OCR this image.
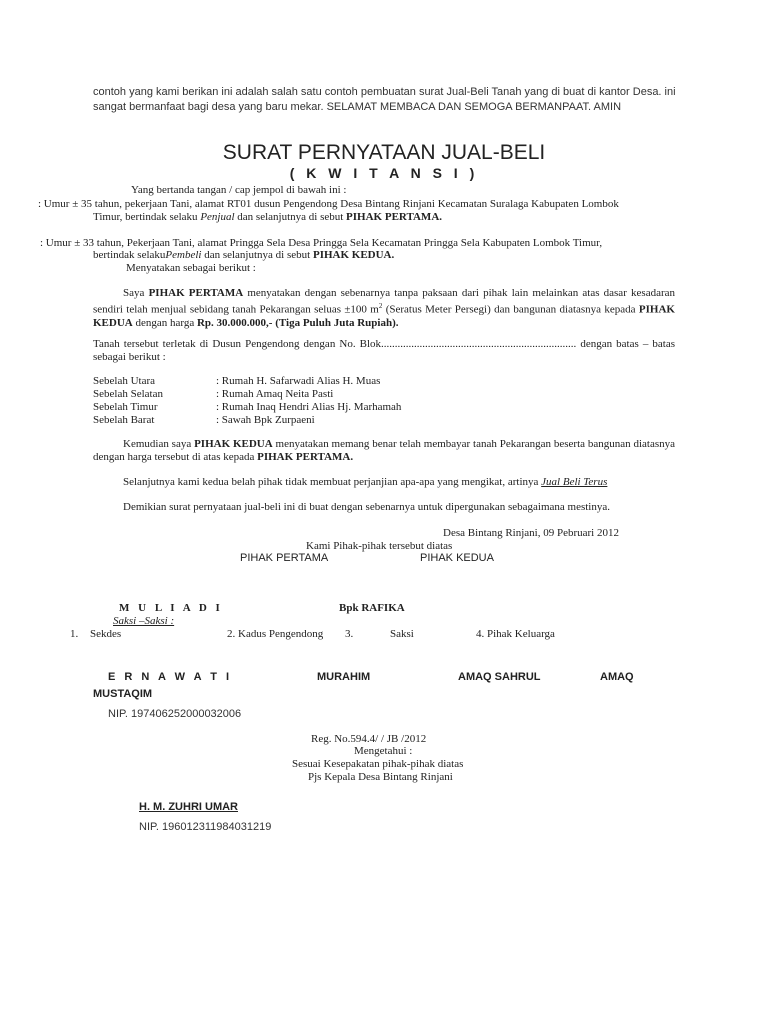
contoh yang kami berikan ini adalah salah satu contoh pembuatan surat Jual-Beli Tanah yang di buat di kantor Desa. ini sangat bermanfaat bagi desa yang baru mekar. SELAMAT MEMBACA DAN SEMOGA BERMANPAAT. AMIN
SURAT PERNYATAAN JUAL-BELI
( K W I T A N S I )
Yang bertanda tangan / cap jempol di bawah ini :
: Umur ± 35 tahun, pekerjaan Tani, alamat RT01 dusun Pengendong Desa Bintang Rinjani Kecamatan Suralaga Kabupaten Lombok
Timur, bertindak selaku Penjual dan selanjutnya di sebut PIHAK PERTAMA.
: Umur ± 33 tahun, Pekerjaan Tani, alamat Pringga Sela Desa Pringga Sela Kecamatan Pringga Sela Kabupaten Lombok Timur,
bertindak selakuPembeli dan selanjutnya di sebut PIHAK KEDUA.
Menyatakan sebagai berikut :
Saya PIHAK PERTAMA menyatakan dengan sebenarnya tanpa paksaan dari pihak lain melainkan atas dasar kesadaran sendiri telah menjual sebidang tanah Pekarangan seluas ±100 $m^2$ (Seratus Meter Persegi) dan bangunan diatasnya kepada PIHAK KEDUA dengan harga Rp. 30.000.000,- (Tiga Puluh Juta Rupiah).
Tanah tersebut terletak di Dusun Pengendong dengan No. Blok....................................................................... dengan batas – batas sebagai berikut :
Sebelah Utara	: Rumah H. Safarwadi Alias H. Muas
Sebelah Selatan	: Rumah Amaq Neita Pasti
Sebelah Timur	: Rumah Inaq Hendri Alias Hj. Marhamah
Sebelah Barat	: Sawah Bpk Zurpaeni
Kemudian saya PIHAK KEDUA menyatakan memang benar telah membayar tanah Pekarangan beserta bangunan diatasnya dengan harga tersebut di atas kepada PIHAK PERTAMA.
Selanjutnya kami kedua belah pihak tidak membuat perjanjian apa-apa yang mengikat, artinya Jual Beli Terus
Demikian surat pernyataan jual-beli ini di buat dengan sebenarnya untuk dipergunakan sebagaimana mestinya.
Desa Bintang Rinjani, 09 Pebruari 2012
Kami Pihak-pihak tersebut diatas
PIHAK PERTAMA	PIHAK KEDUA
M U L I A D I	Bpk RAFIKA
Saksi –Saksi :
1. Sekdes	2. Kadus Pengendong 3.	Saksi	4. Pihak Keluarga
E R N A W A T I	MURAHIM	AMAQ SAHRUL	AMAQ
MUSTAQIM
NIP. 197406252000032006
Reg. No.594.4/ / JB /2012
Mengetahui :
Sesuai Kesepakatan pihak-pihak diatas
Pjs Kepala Desa Bintang Rinjani
H. M. ZUHRI UMAR
NIP. 196012311984031219
